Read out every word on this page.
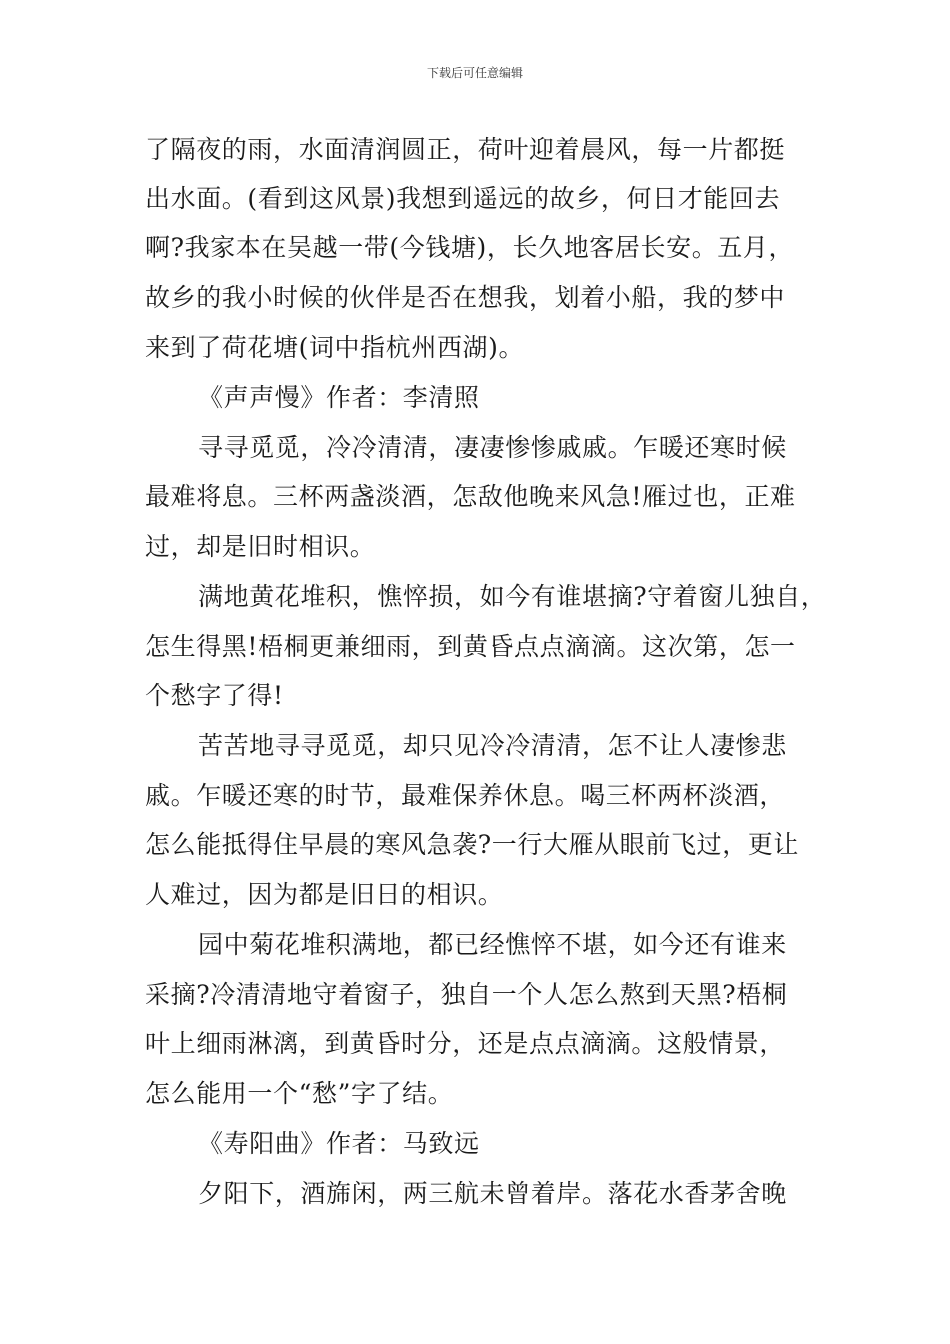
下载后可任意编辑
了隔夜的雨，水面清润圆正，荷叶迎着晨风，每一片都挺
出水面。(看到这风景)我想到遥远的故乡，何日才能回去
啊?我家本在吴越一带(今钱塘)，长久地客居长安。五月，
故乡的我小时候的伙伴是否在想我，划着小船，我的梦中
来到了荷花塘(词中指杭州西湖)。
《声声慢》作者：李清照
寻寻觅觅，冷冷清清，凄凄惨惨戚戚。乍暖还寒时候
最难将息。三杯两盏淡酒，怎敌他晚来风急!雁过也，正难
过，却是旧时相识。
满地黄花堆积，憔悴损，如今有谁堪摘?守着窗儿独自，
怎生得黑!梧桐更兼细雨，到黄昏点点滴滴。这次第，怎一
个愁字了得!
苦苦地寻寻觅觅，却只见冷冷清清，怎不让人凄惨悲
戚。乍暖还寒的时节，最难保养休息。喝三杯两杯淡酒，
怎么能抵得住早晨的寒风急袭?一行大雁从眼前飞过，更让
人难过，因为都是旧日的相识。
园中菊花堆积满地，都已经憔悴不堪，如今还有谁来
采摘?冷清清地守着窗子，独自一个人怎么熬到天黑?梧桐
叶上细雨淋漓，到黄昏时分，还是点点滴滴。这般情景，
怎么能用一个“愁”字了结。
《寿阳曲》作者：马致远
夕阳下，酒旆闲，两三航未曾着岸。落花水香茅舍晚
